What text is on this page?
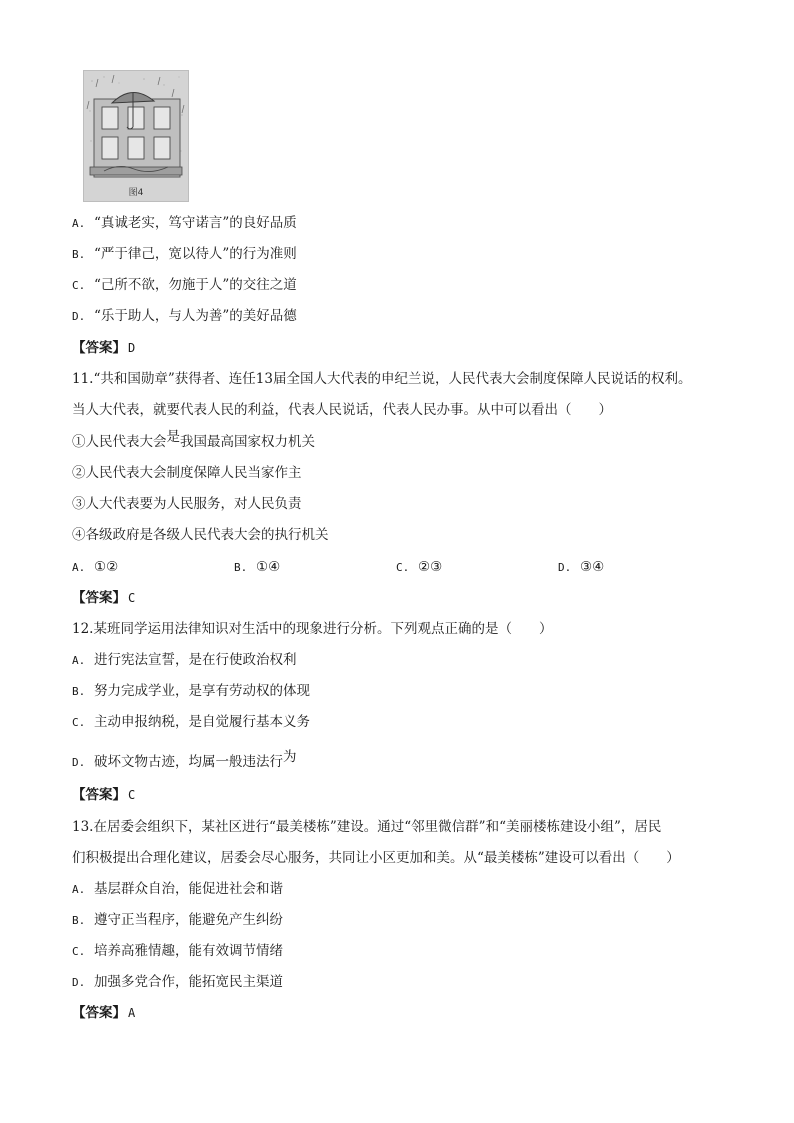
图4
A. “真诚老实，笃守诺言”的良好品质
B. “严于律己，宽以待人”的行为准则
C. “己所不欲，勿施于人”的交往之道
D. “乐于助人，与人为善”的美好品德
【答案】 D
11.“共和国勋章”获得者、连任13届全国人大代表的申纪兰说，人民代表大会制度保障人民说话的权利。
当人大代表，就要代表人民的利益，代表人民说话，代表人民办事。从中可以看出（　　）
①人民代表大会是我国最高国家权力机关
②人民代表大会制度保障人民当家作主
③人大代表要为人民服务，对人民负责
④各级政府是各级人民代表大会的执行机关
A. ①②	B. ①④	C. ②③	D. ③④
【答案】 C
12.某班同学运用法律知识对生活中的现象进行分析。下列观点正确的是（　　）
A. 进行宪法宣誓，是在行使政治权利
B. 努力完成学业，是享有劳动权的体现
C. 主动申报纳税，是自觉履行基本义务
D. 破坏文物古迹，均属一般违法行为
【答案】 C
13.在居委会组织下，某社区进行“最美楼栋”建设。通过“邻里微信群”和“美丽楼栋建设小组”，居民
们积极提出合理化建议，居委会尽心服务，共同让小区更加和美。从“最美楼栋”建设可以看出（　　）
A. 基层群众自治，能促进社会和谐
B. 遵守正当程序，能避免产生纠纷
C. 培养高雅情趣，能有效调节情绪
D. 加强多党合作，能拓宽民主渠道
【答案】 A
